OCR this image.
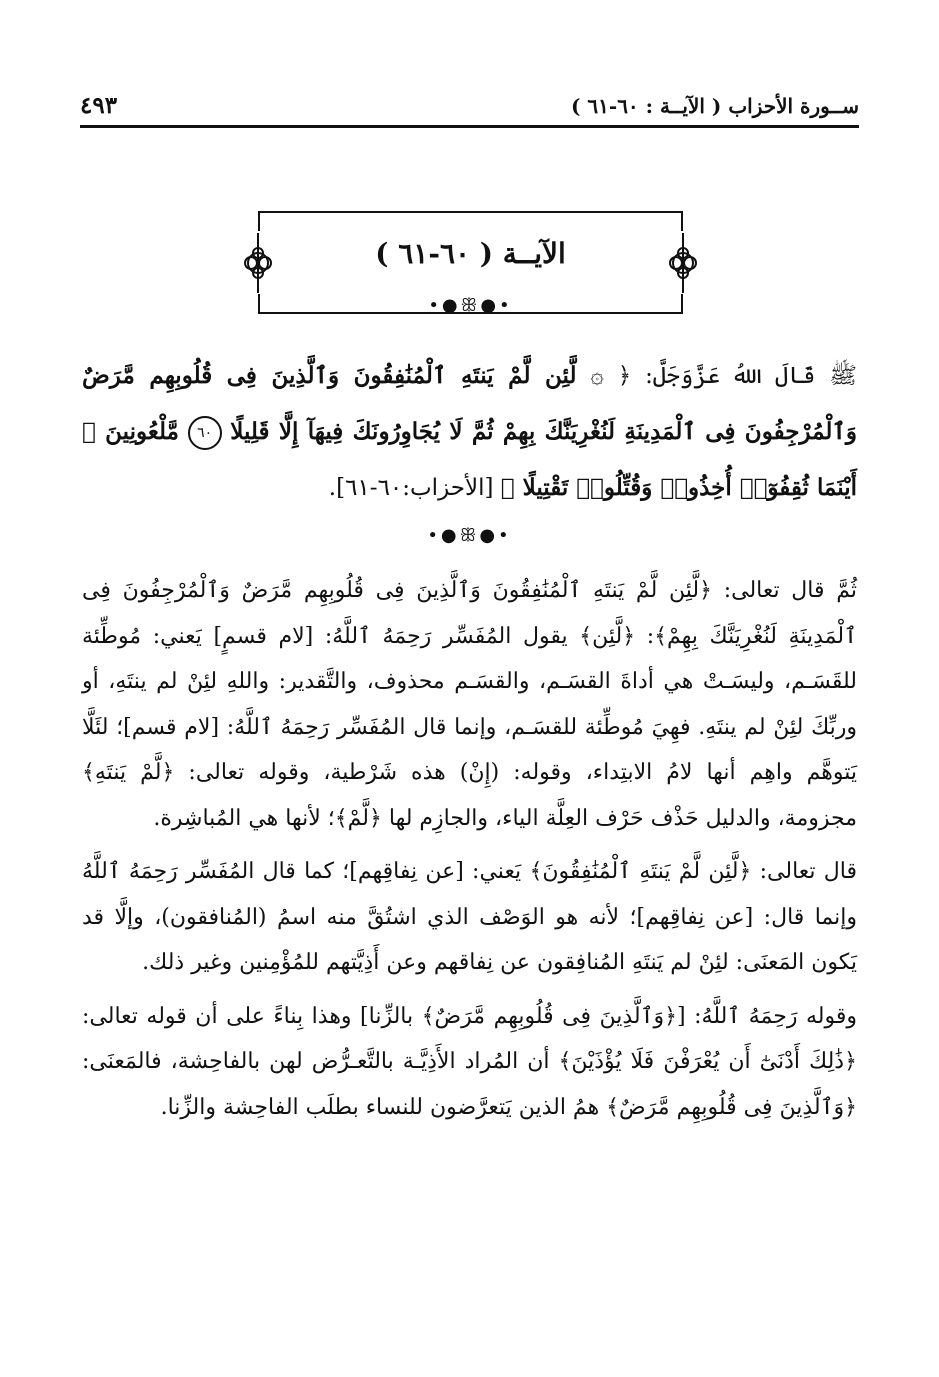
ســورة الأحزاب ( الآيــة : ٦٠-٦١ )
٤٩٣
الآيــة ( ٦٠-٦١ )
•●ꕥ●•
ﷺ قَالَ اللهُ عَزَّوَجَلَّ: ﴿ ۞ لَّئِن لَّمْ يَنتَهِ ٱلْمُنَٰفِقُونَ وَٱلَّذِينَ فِى قُلُوبِهِم مَّرَضٌ وَٱلْمُرْجِفُونَ فِى ٱلْمَدِينَةِ لَنُغْرِيَنَّكَ بِهِمْ ثُمَّ لَا يُجَاوِرُونَكَ فِيهَآ إِلَّا قَلِيلًا ٦٠ مَّلْعُونِينَ ۖ أَيْنَمَا ثُقِفُوٓا۟ أُخِذُوا۟ وَقُتِّلُوا۟ تَقْتِيلًا ﴾ [الأحزاب:٦٠-٦١].
•●ꕥ●•

ثُمَّ قال تعالى: ﴿لَّئِن لَّمْ يَنتَهِ ٱلْمُنَٰفِقُونَ وَٱلَّذِينَ فِى قُلُوبِهِم مَّرَضٌ وَٱلْمُرْجِفُونَ فِى ٱلْمَدِينَةِ لَنُغْرِيَنَّكَ بِهِمْ﴾: ﴿لَّئِن﴾ يقول المُفَسِّر رَحِمَهُ ٱللَّهُ: [لام قسمٍ] يَعني: مُوطِّئة للقَسَـم، وليسَـتْ هي أداةَ القسَـم، والقسَـم محذوف، والتَّقدير: واللهِ لئِنْ لم ينتَهِ، أو وربِّكَ لئِنْ لم ينتَهِ. فهِيَ مُوطِّئة للقسَـم، وإنما قال المُفَسِّر رَحِمَهُ ٱللَّهُ: [لام قسم]؛ لئَلَّا يَتوهَّم واهِم أنها لامُ الابتِداء، وقوله: (إِنْ) هذه شَرْطية، وقوله تعالى: ﴿لَّمْ يَنتَهِ﴾ مجزومة، والدليل حَذْف حَرْف العِلَّة الياء، والجازِم لها ﴿لَّمْ﴾؛ لأنها هي المُباشِرة.

قال تعالى: ﴿لَّئِن لَّمْ يَنتَهِ ٱلْمُنَٰفِقُونَ﴾ يَعني: [عن نِفاقِهم]؛ كما قال المُفَسِّر رَحِمَهُ ٱللَّهُ وإنما قال: [عن نِفاقِهم]؛ لأنه هو الوَصْف الذي اشتُقَّ منه اسمُ (المُنافقون)، وإلَّا قد يَكون المَعنَى: لئِنْ لم يَنتَهِ المُنافِقون عن نِفاقهم وعن أَذِيَّتهم للمُؤْمِنين وغير ذلك.

وقوله رَحِمَهُ ٱللَّهُ: [﴿وَٱلَّذِينَ فِى قُلُوبِهِم مَّرَضٌ﴾ بالزِّنا] وهذا بِناءً على أن قوله تعالى: ﴿ذَٰلِكَ أَدْنَىٰٓ أَن يُعْرَفْنَ فَلَا يُؤْذَيْنَ﴾ أن المُراد الأَذِيَّـة بالتَّعـرُّض لهن بالفاحِشة، فالمَعنَى: ﴿وَٱلَّذِينَ فِى قُلُوبِهِم مَّرَضٌ﴾ همُ الذين يَتعرَّضون للنساء بطلَب الفاحِشة والزِّنا.
